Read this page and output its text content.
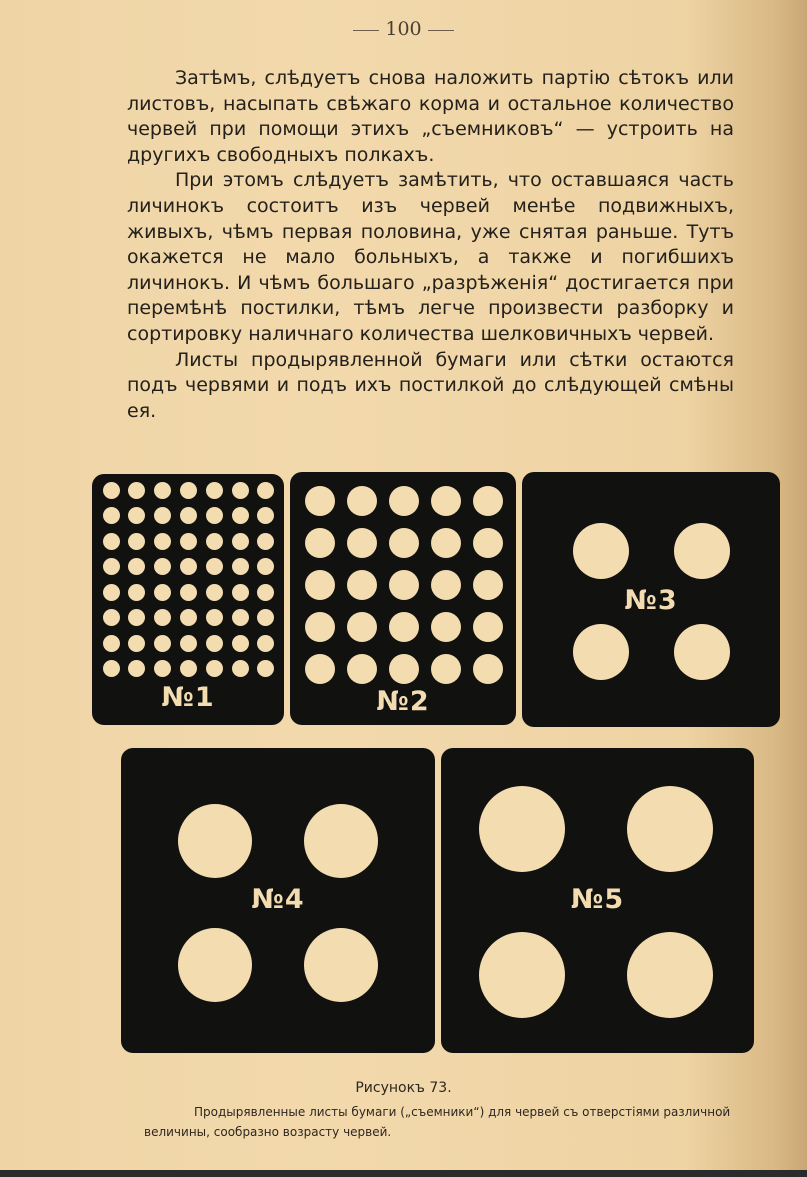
100

Затѣмъ, слѣдуетъ снова наложить партію сѣтокъ или листовъ, насыпать свѣжаго корма и остальное количество червей при помощи этихъ „съемниковъ“ — устроить на другихъ свободныхъ полкахъ.

При этомъ слѣдуетъ замѣтить, что оставшаяся часть личинокъ состоитъ изъ червей менѣе подвижныхъ, живыхъ, чѣмъ первая половина, уже снятая раньше. Тутъ окажется не мало больныхъ, а также и погибшихъ личинокъ. И чѣмъ большаго „разрѣженія“ достигается при перемѣнѣ постилки, тѣмъ легче произвести разборку и сортировку наличнаго количества шелковичныхъ червей.

Листы продырявленной бумаги или сѣтки остаются подъ червями и подъ ихъ постилкой до слѣдующей смѣны ея.

№1	№2
№3
№4	№5
Рисунокъ 73.
Продырявленные листы бумаги („съемники“) для червей съ отверстіями различной величины, сообразно возрасту червей.
